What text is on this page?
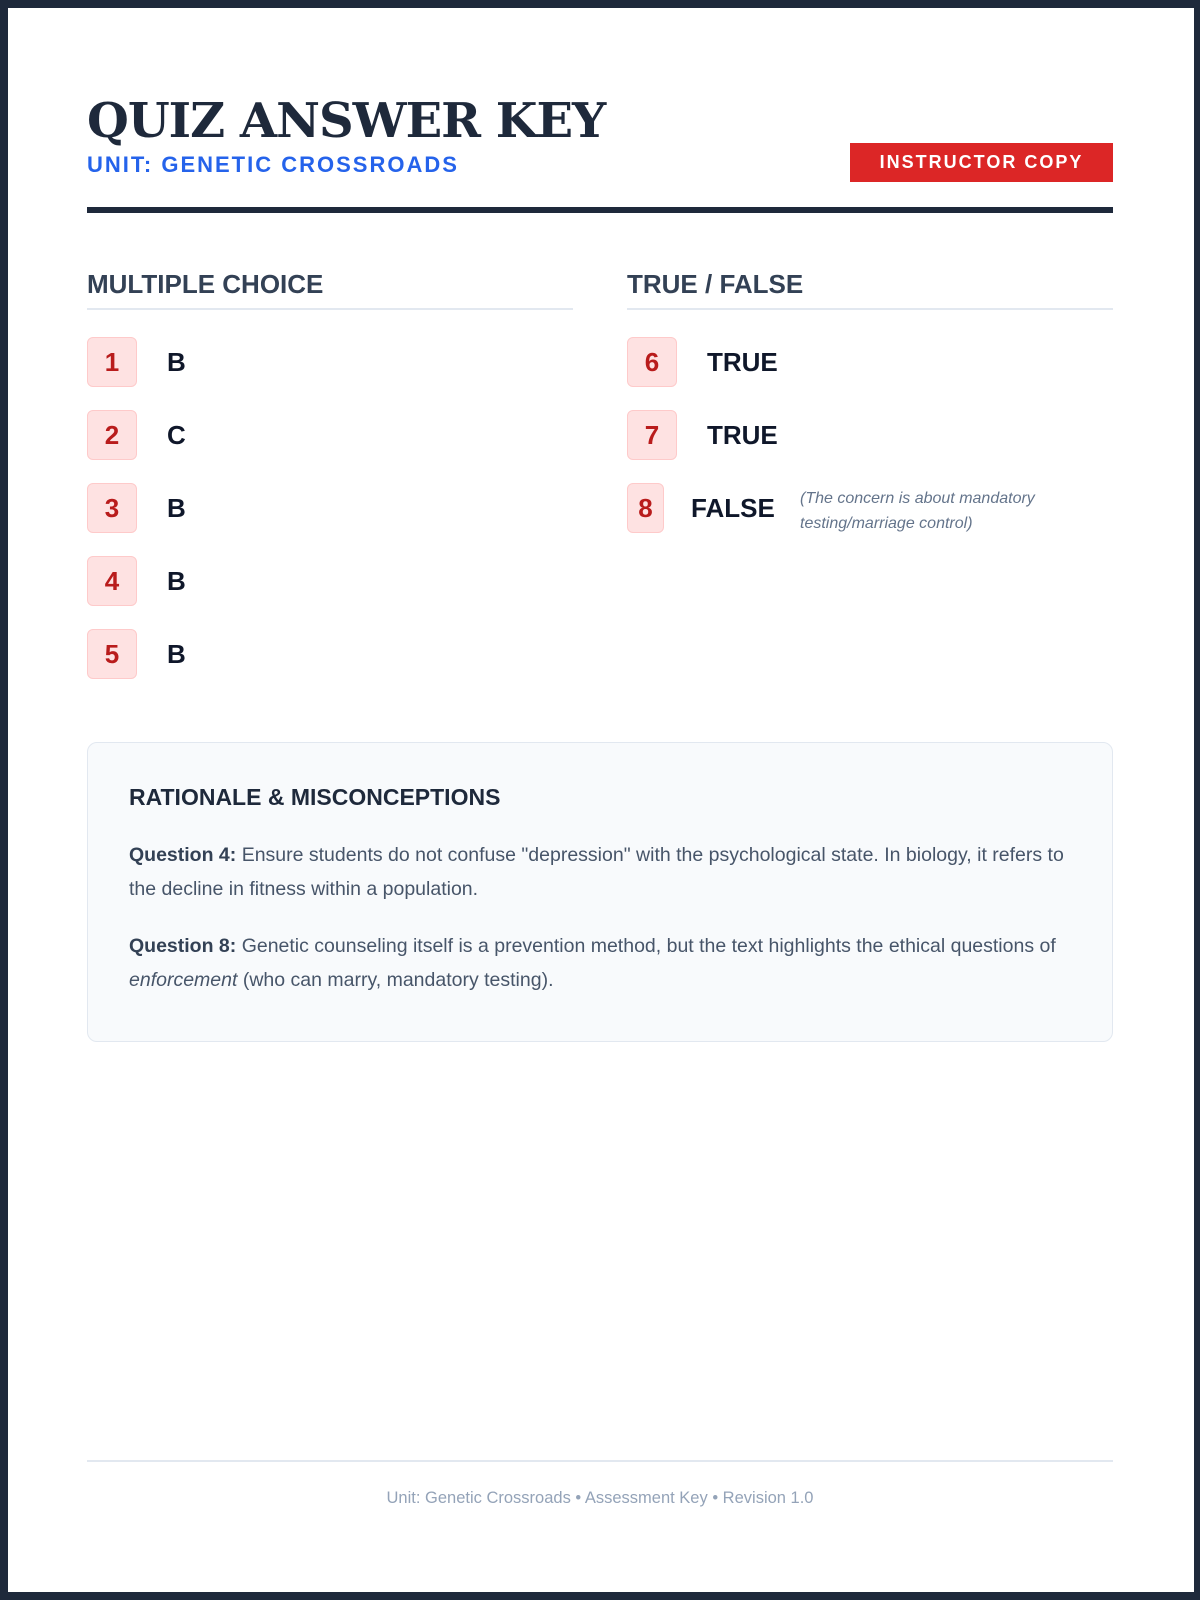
QUIZ ANSWER KEY
UNIT: GENETIC CROSSROADS	INSTRUCTOR COPY
MULTIPLE CHOICE
1	B
2	C
3	B
4	B
5	B
TRUE / FALSE
6	TRUE
7	TRUE
8	FALSE (The concern is about mandatory testing/marriage control)
RATIONALE & MISCONCEPTIONS

Question 4: Ensure students do not confuse "depression" with the psychological state. In biology, it refers to the decline in fitness within a population.

Question 8: Genetic counseling itself is a prevention method, but the text highlights the ethical questions of enforcement (who can marry, mandatory testing).

Unit: Genetic Crossroads • Assessment Key • Revision 1.0
